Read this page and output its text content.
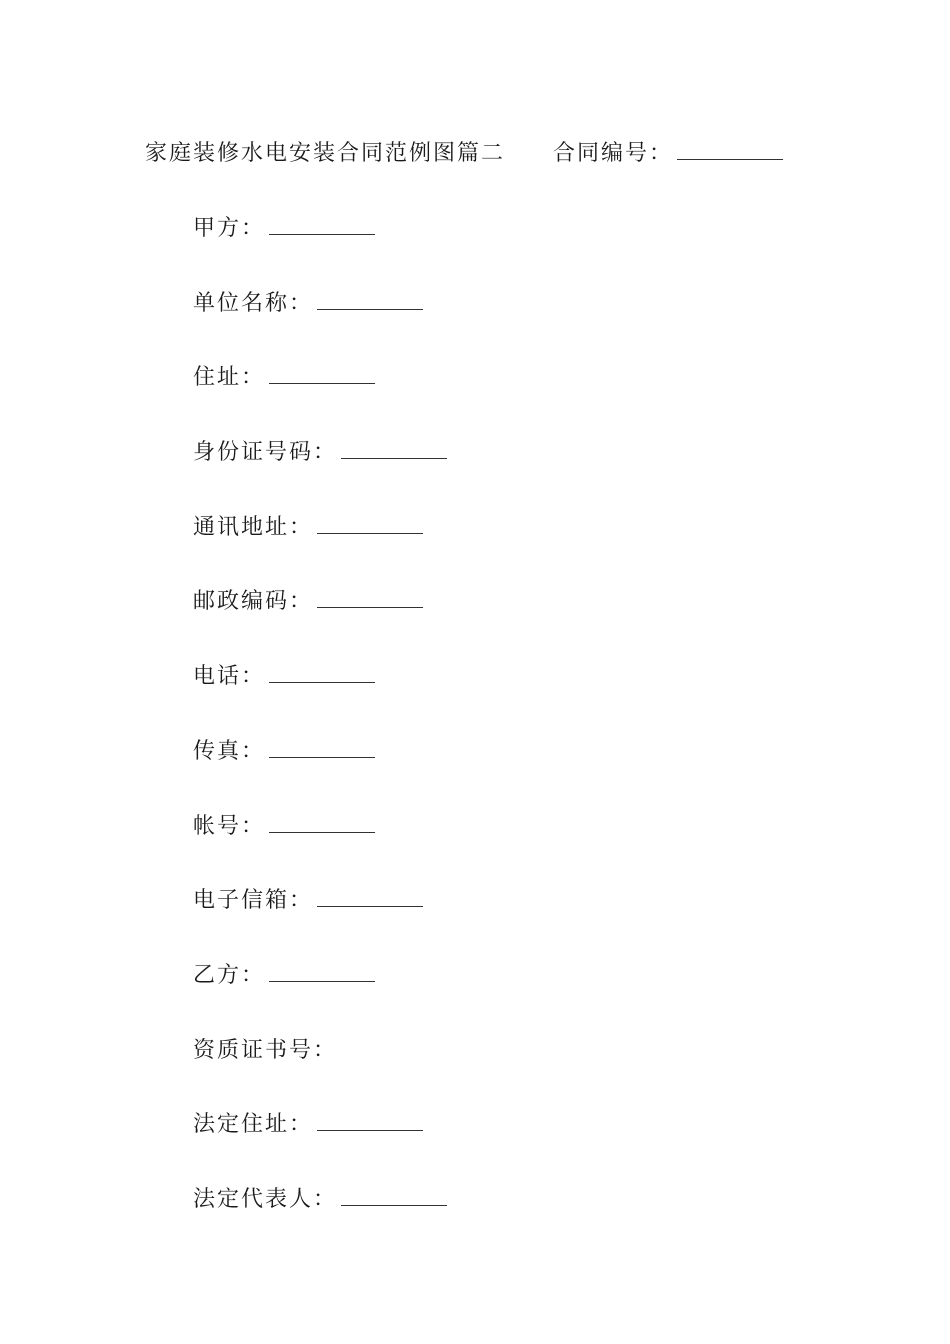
家庭装修水电安装合同范例图篇二 合同编号：
甲方：
单位名称：
住址：
身份证号码：
通讯地址：
邮政编码：
电话：
传真：
帐号：
电子信箱：
乙方：
资质证书号：
法定住址：
法定代表人：
